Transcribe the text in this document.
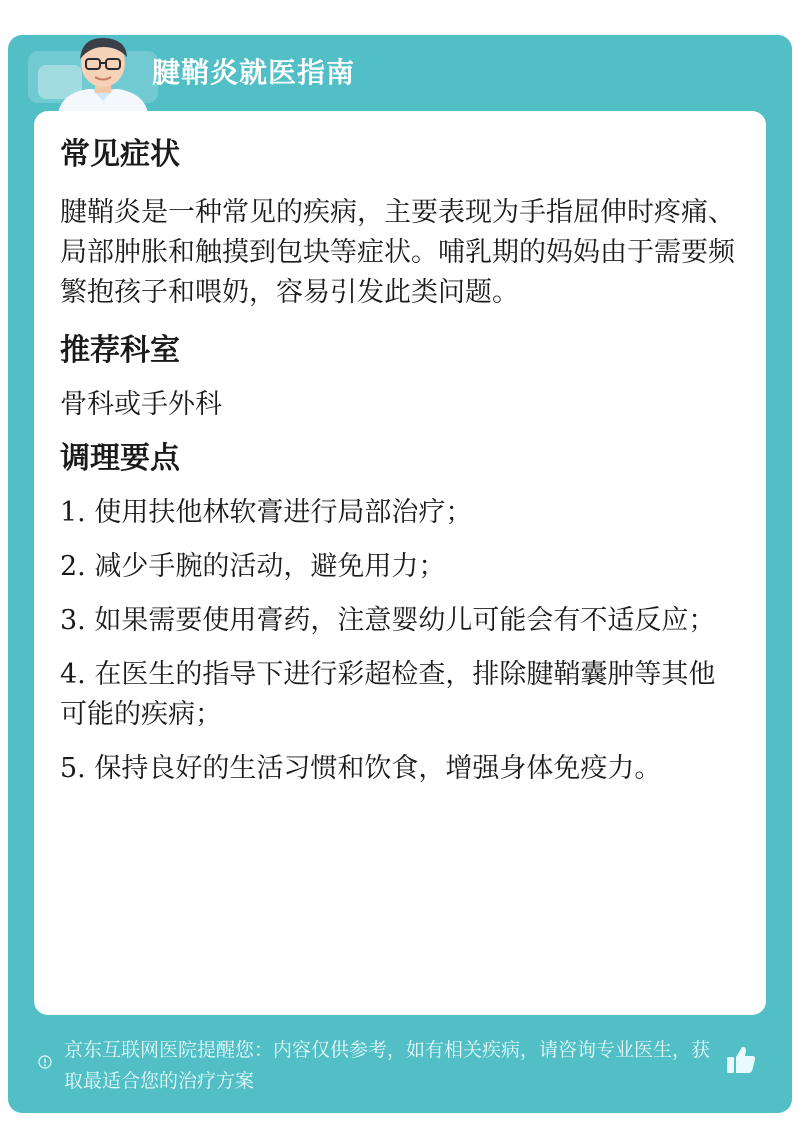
腱鞘炎就医指南
常见症状

腱鞘炎是一种常见的疾病，主要表现为手指屈伸时疼痛、局部肿胀和触摸到包块等症状。哺乳期的妈妈由于需要频繁抱孩子和喂奶，容易引发此类问题。

推荐科室

骨科或手外科

调理要点
1. 使用扶他林软膏进行局部治疗；
2. 减少手腕的活动，避免用力；
3. 如果需要使用膏药，注意婴幼儿可能会有不适反应；
4. 在医生的指导下进行彩超检查，排除腱鞘囊肿等其他可能的疾病；
5. 保持良好的生活习惯和饮食，增强身体免疫力。
京东互联网医院提醒您：内容仅供参考，如有相关疾病，请咨询专业医生，获取最适合您的治疗方案
